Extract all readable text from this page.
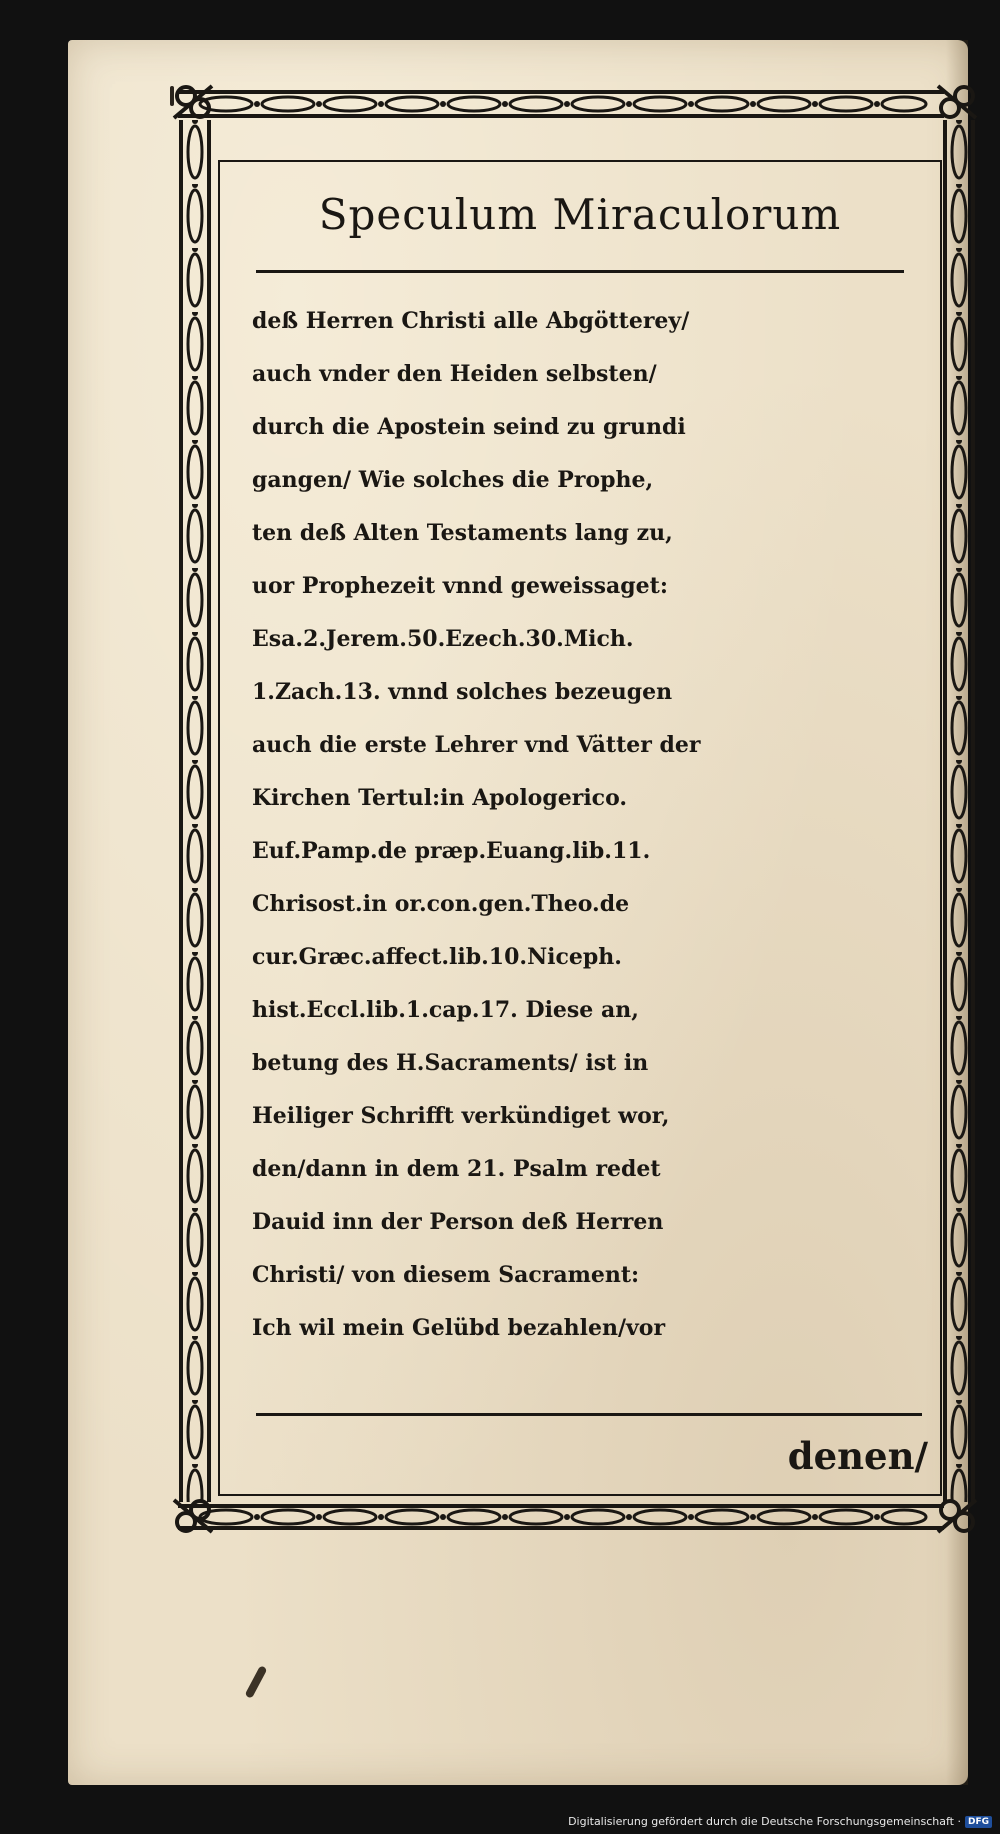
Speculum Miraculorum
deß Herren Christi alle Abgötterey/
auch vnder den Heiden selbsten/
durch die Apostein seind zu grundi
gangen/ Wie solches die Prophe,
ten deß Alten Testaments lang zu,
uor Prophezeit vnnd geweissaget:
Esa.2.Jerem.50.Ezech.30.Mich.
1.Zach.13. vnnd solches bezeugen
auch die erste Lehrer vnd Vätter der
Kirchen Tertul:in Apologerico.
Euf.Pamp.de præp.Euang.lib.11.
Chrisost.in or.con.gen.Theo.de
cur.Græc.affect.lib.10.Niceph.
hist.Eccl.lib.1.cap.17. Diese an,
betung des H.Sacraments/ ist in
Heiliger Schrifft verkündiget wor,
den/dann in dem 21. Psalm redet
Dauid inn der Person deß Herren
Christi/ von diesem Sacrament:
Ich wil mein Gelübd bezahlen/vor
denen/
Digitalisierung gefördert durch die Deutsche Forschungsgemeinschaft · DFG
